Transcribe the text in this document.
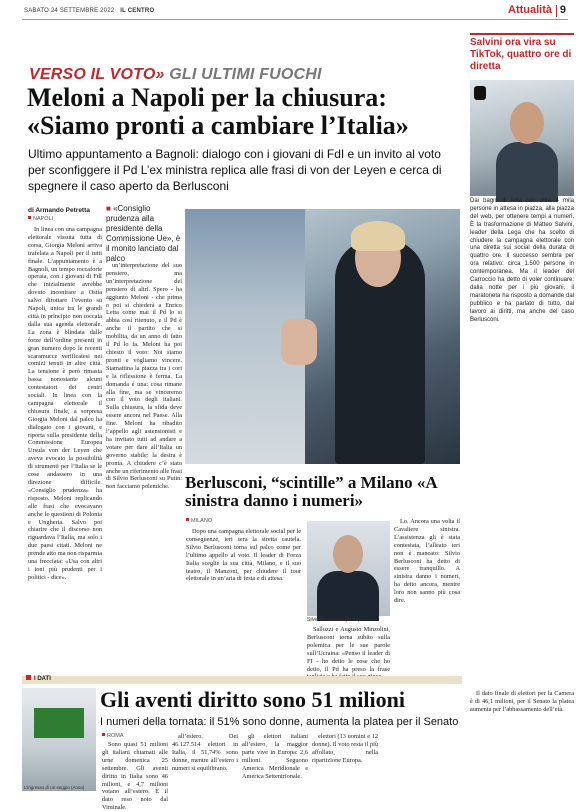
SABATO 24 SETTEMBRE 2022 IL CENTRO	Attualità 9
VERSO IL VOTO» GLI ULTIMI FUOCHI
Meloni a Napoli per la chiusura: «Siamo pronti a cambiare l’Italia»
Ultimo appuntamento a Bagnoli: dialogo con i giovani di FdI e un invito al voto per sconfiggere il Pd L’ex ministra replica alle frasi di von der Leyen e cerca di spegnere il caso aperto da Berlusconi
di Armando Petretta
NAPOLI

In linea con una campagna elettorale vissuta tutta di corsa, Giorgia Meloni arriva trafelata a Napoli per il tutti finale. L’appuntamento è a Bagnoli, un tempo roccaforte operaia, con i giovani di FdI che inizialmente avrebbe dovuto incontrare a Ostia salvo dirottare l’evento su Napoli, unica tra le grandi città in principio non toccata dalla sua agenda elettorale. La zona è blindata dalle forze dell’ordine presenti in gran numero dopo le recenti scaramucce verificatesi nei comizi tenuti in altre città. La tensione è però rimasta bassa nonostante alcuni contestatori dei centri sociali. In linea con la campagna elettorale il chiusura finale, a sorpresa Giorgia Meloni dal palco ha dialogato con i giovani, e riporta sulla presidente della Commissione Europea Ursula von der Leyen che aveva evocato la possibilità di strumenti per l’Italia se le cose andassero in una direzione difficile. «Consiglio prudenza» ha risposto. Meloni replicando alle frasi che evocavano anche le questioni di Polonia e Ungheria. Salvo poi chiarire che il discorso non riguardava l’Italia, ma solo i due paesi citati. Meloni ne prende atto ma non risparmia una frecciata: «Usa con altri i toni più prudenti per i politici - dice».

■ «Consiglio prudenza alla presidente della Commissione Ue», è il monito lanciato dal palco

un’interpretazione del suo pensiero, ma un’interpretazione del pensiero di altri. Spero - ha aggiunto Meloni - che prima o poi si chiederà a Enrico Letta come mai il Pd lo si abbia così ritenuto, e il Pd è anche il partito che si mobilita, da un anno di fatto il Pd lo fa. Meloni ha poi chiesto il voto: Noi siamo pronti e vogliamo vincere. Stamattina la piazza tra i cori e la riflessione è ferma. La domanda è una: cosa rimane alla fine, ma se vinceremo con il voto degli italiani. Sulla chiusura, la sfida deve essere ancora nel Paese. Alla fine. Meloni ha ribadito l’appello agli astensionisti e ha invitato tutti ad andare a votare per dare all’Italia un governo stabile: la destra è pronta. A chiudere c’è stato anche un riferimento alle frasi di Silvio Berlusconi su Putin: non facciamo polemiche.

Salvini ora vira su TikTok, quattro ore di diretta
Dai bagni di folla con oltre 4 mila persone in attesa in piazza, alla piazza del web, per ottenere tempi a numeri. È la trasformazione di Matteo Salvini, leader della Lega che ha scelto di chiudere la campagna elettorale con una diretta sui social della durata di quattro ore. Il successo sembra per ora relativo: circa 1.500 persone in contemporanea. Ma il leader del Carroccio ha detto di voler continuare: dalla notte per i più giovani, il maratoneta ha risposto a domande dal pubblico e ha parlato di tutto, dal lavoro ai diritti, ma anche del caso Berlusconi.
Berlusconi, “scintille” a Milano «A sinistra danno i numeri»
MILANO

Dopo una campagna elettorale social per le conseguenze, ieri sera la stretta cautela. Silvio Berlusconi torna sul palco come per l’ultimo appello al voto. Il leader di Forza Italia sceglie la sua città, Milano, e il suo teatro, il Manzoni, per chiudere il tour elettorale in un’aria di festa e di attesa.

Silvio Berlusconi (Ansa)

Salluzzi e Augusto Minzolini, Berlusconi torna subito sulla polemica per le sue parole sull’Ucraina: «Penso il leader di FI - ho detto le cose che ho detto, il Pd ha preso la frase

Lo. Ancora una volta il Cavaliere sinistra. L’assistenza gli è stata contestata, l’alleato ieri non è mancato: Silvio Berlusconi ha detto di essere tranquillo. A sinistra danno i numeri, ha detto ancora, mentre loro non sanno più cosa dire.

I DATI
L’ingresso di un seggio (Ansa)
Gli aventi diritto sono 51 milioni
I numeri della tornata: il 51% sono donne, aumenta la platea per il Senato
ROMA

Sono quasi 51 milioni gli italiani chiamati alle urne domenica 25 settembre. Gli aventi diritto in Italia sono 46 milioni, e 4,7 milioni votano all’estero. È il dato reso noto dal Viminale.

all’estero. Dei 46.127.514 elettori in Italia, il 51,74% sono donne, mentre all’estero i numeri si equilibrano.

gli elettori italiani all’estero, la maggior parte vive in Europa: 2,6 milioni. Seguono America Meridionale e America Settentrionale.

elettori (13 uomini e 12 donne). Il voto resta il più affollato, nella ripartizione Europa.

Il dato finale di elettori per la Camera è di 46,1 milioni, per il Senato la platea aumenta per l’abbassamento dell’età.
